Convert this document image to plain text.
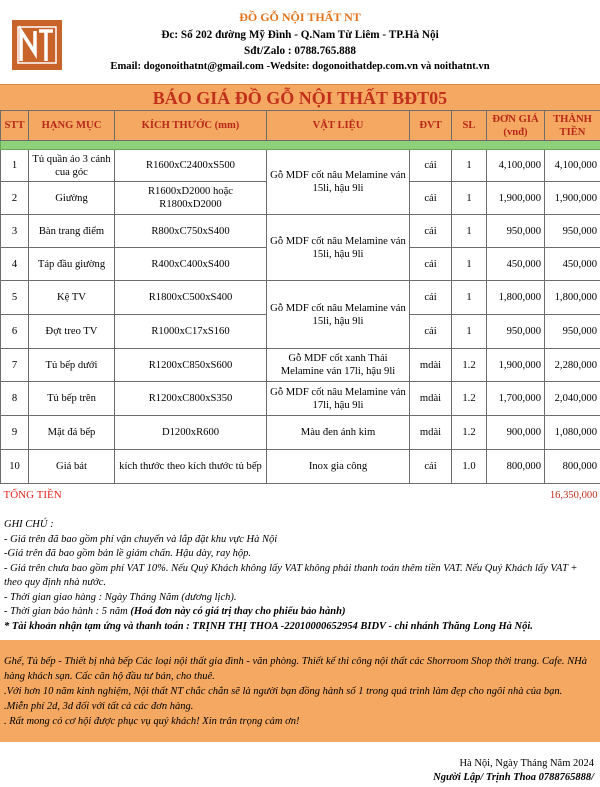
ĐỒ GỖ NỘI THẤT NT
Đc: Số 202 đường Mỹ Đình - Q.Nam Từ Liêm - TP.Hà Nội
Sđt/Zalo : 0788.765.888
Email: dogonoithatnt@gmail.com -Wedsite: dogonoithatdep.com.vn và noithatnt.vn
BÁO GIÁ ĐỒ GỖ NỘI THẤT BĐT05
STT	HẠNG MỤC	KÍCH THƯỚC (mm)	VẬT LIỆU	ĐVT	SL	ĐƠN GIÁ (vnđ)	THÀNH TIỀN

1	Tủ quần áo 3 cánh cua góc	R1600xC2400xS500	Gỗ MDF cốt nâu Melamine ván 15li, hậu 9li	cái	1	4,100,000	4,100,000
2	Giường	R1600xD2000 hoặc R1800xD2000		cái	1	1,900,000	1,900,000
3	Bàn trang điểm	R800xC750xS400	Gỗ MDF cốt nâu Melamine ván 15li, hậu 9li	cái	1	950,000	950,000
4	Táp đầu giường	R400xC400xS400		cái	1	450,000	450,000
5	Kệ TV	R1800xC500xS400	Gỗ MDF cốt nâu Melamine ván 15li, hậu 9li	cái	1	1,800,000	1,800,000
6	Đợt treo TV	R1000xC17xS160		cái	1	950,000	950,000
7	Tủ bếp dưới	R1200xC850xS600	Gỗ MDF cốt xanh Thái Melamine ván 17li, hậu 9li	mdài	1.2	1,900,000	2,280,000
8	Tủ bếp trên	R1200xC800xS350	Gỗ MDF cốt nâu Melamine ván 17li, hậu 9li	mdài	1.2	1,700,000	2,040,000
9	Mặt đá bếp	D1200xR600	Màu đen ánh kim	mdài	1.2	900,000	1,080,000
10	Giá bát	kích thước theo kích thước tủ bếp	Inox gia công	cái	1.0	800,000	800,000
TỔNG TIỀN							16,350,000
GHI CHÚ :
- Giá trên đã bao gồm phí vận chuyển và lắp đặt khu vực Hà Nội
-Giá trên đã bao gồm bản lề giảm chấn. Hậu dày, ray hộp.
- Giá trên chưa bao gồm phí VAT 10%. Nếu Quý Khách không lấy VAT không phải thanh toán thêm tiền VAT. Nếu Quý Khách lấy VAT + theo quy định nhà nước.
- Thời gian giao hàng : Ngày Tháng Năm (dương lịch).
- Thời gian bảo hành : 5 năm (Hoá đơn này có giá trị thay cho phiếu bảo hành)
* Tài khoản nhận tạm ứng và thanh toán : TRỊNH THỊ THOA -22010000652954 BIDV - chi nhánh Thăng Long Hà Nội.
Ghế, Tủ bếp - Thiết bị nhà bếp Các loại nội thất gia đình - văn phòng. Thiết kế thi công nội thất các Shorroom Shop thời trang. Cafe. NHà hàng khách sạn. Cấc căn hộ đầu tư bán, cho thuê.
.Với hơn 10 năm kinh nghiệm, Nội thất NT chắc chắn sẽ là người bạn đồng hành số 1 trong quá trình làm đẹp cho ngôi nhà của bạn.
.Miễn phí 2d, 3d đối với tất cả các đơn hàng.
. Rất mong có cơ hội được phục vụ quý khách! Xin trân trọng cảm ơn!
Hà Nội, Ngày Tháng Năm 2024
Người Lập/ Trịnh Thoa 0788765888/
